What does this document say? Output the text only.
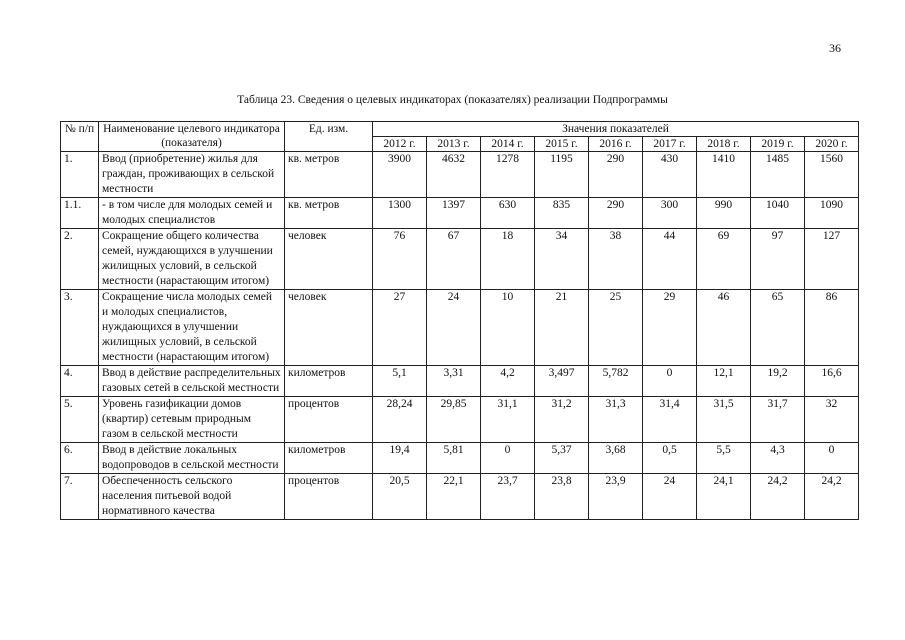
36
Таблица 23. Сведения о целевых индикаторах (показателях) реализации Подпрограммы
№ п/п	Наименование целевого индикатора (показателя)	Ед. изм.	Значения показателей								
			2012 г.	2013 г.	2014 г.	2015 г.	2016 г.	2017 г.	2018 г.	2019 г.	2020 г.
1.	Ввод (приобретение) жилья для граждан, проживающих в сельской местности	кв. метров	3900	4632	1278	1195	290	430	1410	1485	1560
1.1.	- в том числе для молодых семей и молодых специалистов	кв. метров	1300	1397	630	835	290	300	990	1040	1090
2.	Сокращение общего количества семей, нуждающихся в улучшении жилищных условий, в сельской местности (нарастающим итогом)	человек	76	67	18	34	38	44	69	97	127
3.	Сокращение числа молодых семей и молодых специалистов, нуждающихся в улучшении жилищных условий, в сельской местности (нарастающим итогом)	человек	27	24	10	21	25	29	46	65	86
4.	Ввод в действие распределительных газовых сетей в сельской местности	километров	5,1	3,31	4,2	3,497	5,782	0	12,1	19,2	16,6
5.	Уровень газификации домов (квартир) сетевым природным газом в сельской местности	процентов	28,24	29,85	31,1	31,2	31,3	31,4	31,5	31,7	32
6.	Ввод в действие локальных водопроводов в сельской местности	километров	19,4	5,81	0	5,37	3,68	0,5	5,5	4,3	0
7.	Обеспеченность сельского населения питьевой водой нормативного качества	процентов	20,5	22,1	23,7	23,8	23,9	24	24,1	24,2	24,2
